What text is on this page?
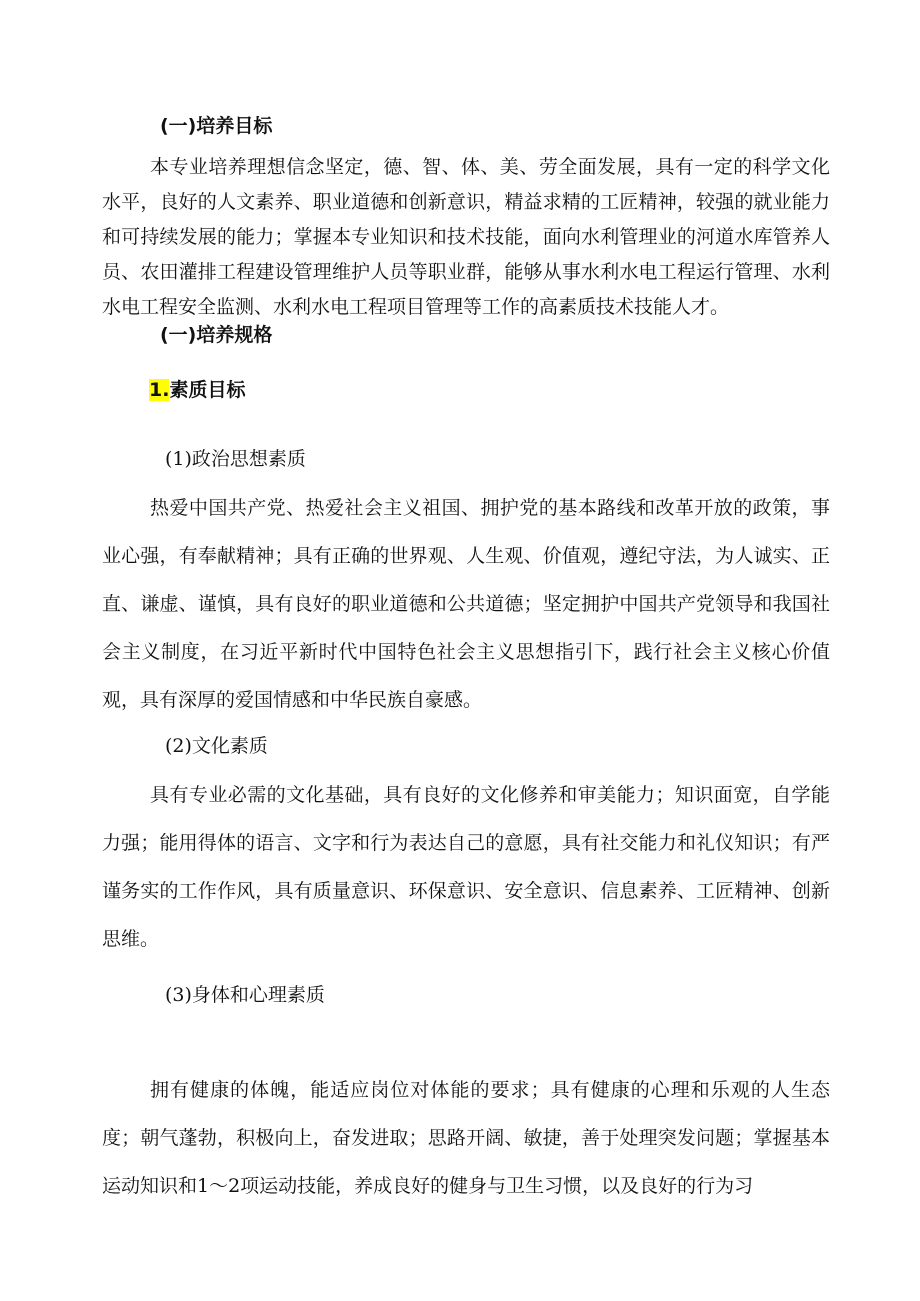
(一)培养目标

本专业培养理想信念坚定，德、智、体、美、劳全面发展，具有一定的科学文化水平，良好的人文素养、职业道德和创新意识，精益求精的工匠精神，较强的就业能力和可持续发展的能力；掌握本专业知识和技术技能，面向水利管理业的河道水库管养人员、农田灌排工程建设管理维护人员等职业群，能够从事水利水电工程运行管理、水利水电工程安全监测、水利水电工程项目管理等工作的高素质技术技能人才。

(一)培养规格
1.素质目标
(1)政治思想素质

热爱中国共产党、热爱社会主义祖国、拥护党的基本路线和改革开放的政策，事业心强，有奉献精神；具有正确的世界观、人生观、价值观，遵纪守法，为人诚实、正直、谦虚、谨慎，具有良好的职业道德和公共道德；坚定拥护中国共产党领导和我国社会主义制度，在习近平新时代中国特色社会主义思想指引下，践行社会主义核心价值观，具有深厚的爱国情感和中华民族自豪感。

(2)文化素质

具有专业必需的文化基础，具有良好的文化修养和审美能力；知识面宽，自学能力强；能用得体的语言、文字和行为表达自己的意愿，具有社交能力和礼仪知识；有严谨务实的工作作风，具有质量意识、环保意识、安全意识、信息素养、工匠精神、创新思维。

(3)身体和心理素质

拥有健康的体魄，能适应岗位对体能的要求；具有健康的心理和乐观的人生态度；朝气蓬勃，积极向上，奋发进取；思路开阔、敏捷，善于处理突发问题；掌握基本运动知识和1～2项运动技能，养成良好的健身与卫生习惯，以及良好的行为习
